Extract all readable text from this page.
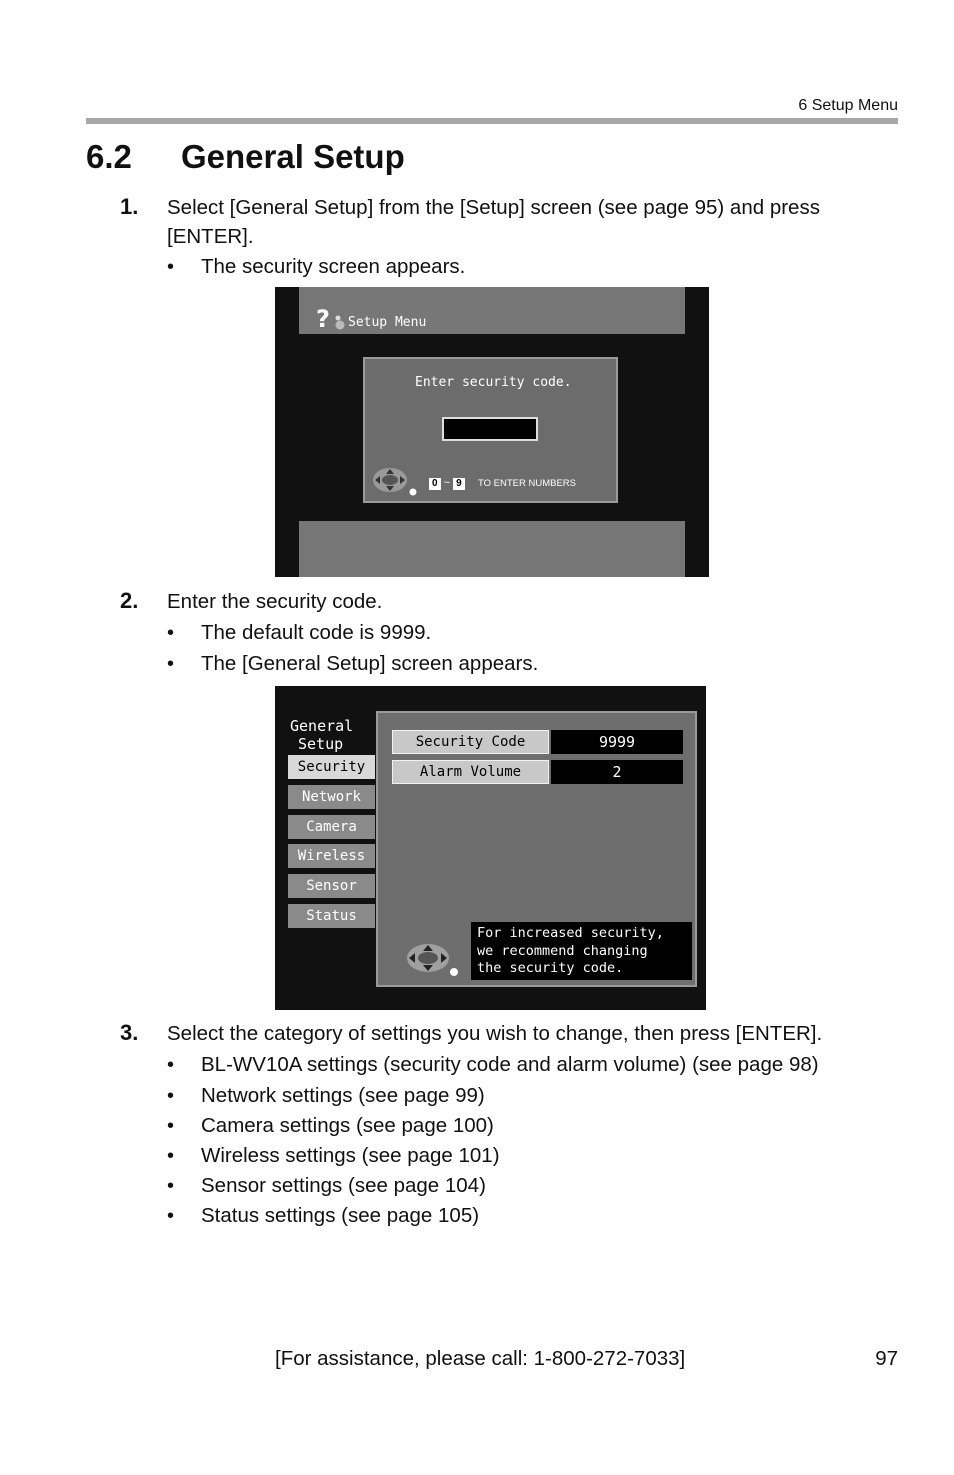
6 Setup Menu
6.2 General Setup
1. Select [General Setup] from the [Setup] screen (see page 95) and press [ENTER].
• The security screen appears.
? Setup Menu
Enter security code.
0 ~ 9	TO ENTER NUMBERS
2. Enter the security code.
• The default code is 9999.
• The [General Setup] screen appears.
General
Setup
Security
Network
Camera
Wireless
Sensor
Status
Security Code	9999
Alarm Volume	2
For increased security,
we recommend changing
the security code.
3. Select the category of settings you wish to change, then press [ENTER].
• BL-WV10A settings (security code and alarm volume) (see page 98)
• Network settings (see page 99)
• Camera settings (see page 100)
• Wireless settings (see page 101)
• Sensor settings (see page 104)
• Status settings (see page 105)
[For assistance, please call: 1-800-272-7033]	97
